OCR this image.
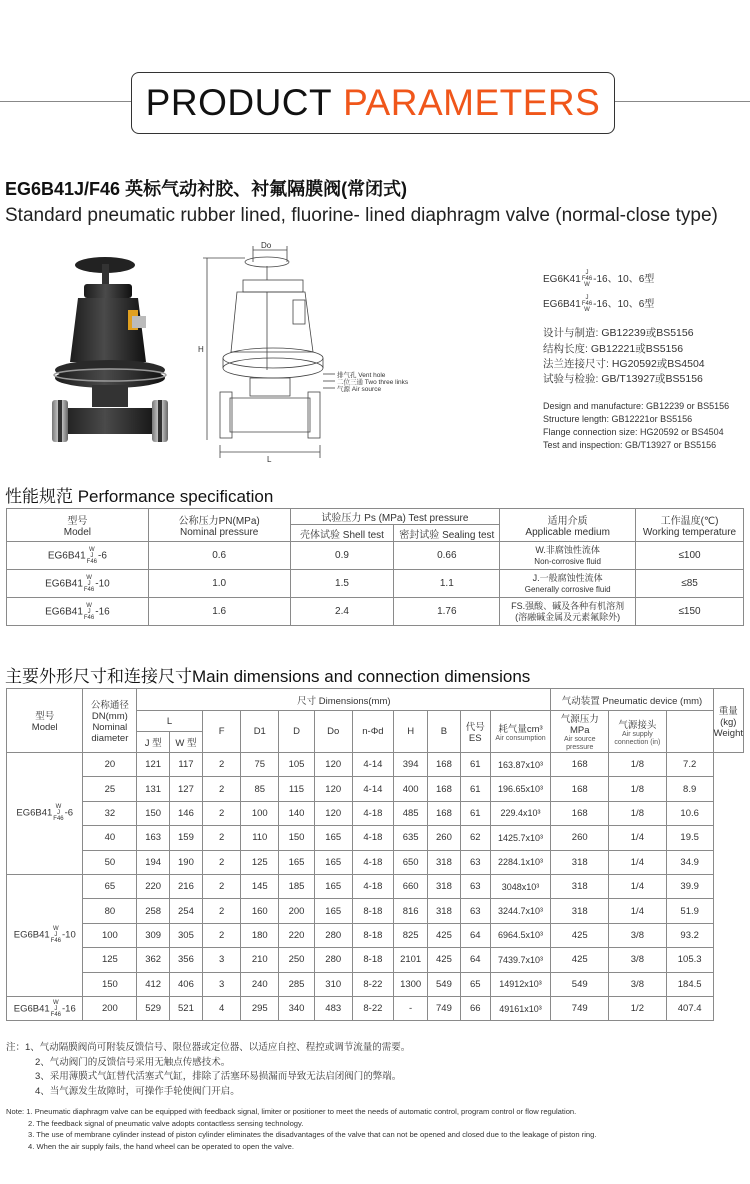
PRODUCT PARAMETERS
EG6B41J/F46 英标气动衬胶、衬氟隔膜阀(常闭式)
Standard pneumatic rubber lined, fluorine- lined diaphragm valve (normal-close type)
Do
H
L
排气孔 Vent hole
二位三通 Two three links
气源 Air source
EG6K41J
F46
W-16、10、6型
EG6B41J
F46
W-16、10、6型
设计与制造: GB12239或BS5156
结构长度: GB12221或BS5156
法兰连接尺寸: HG20592或BS4504
试验与检验: GB/T13927或BS5156
Design and manufacture: GB12239 or BS5156
Structure length: GB12221or BS5156
Flange connection size: HG20592 or BS4504
Test and inspection: GB/T13927 or BS5156
性能规范 Performance specification
型号
Model	公称压力PN(MPa)
Nominal pressure	试验压力 Ps (MPa) Test pressure		适用介质
Applicable medium	工作温度(℃)
Working temperature
		壳体试验 Shell test	密封试验 Sealing test		
EG6B41W
J
F46-6	0.6	0.9	0.66	W.非腐蚀性流体
Non-corrosive fluid	≤100
EG6B41W
J
F46-10	1.0	1.5	1.1	J.一般腐蚀性流体
Generally corrosive fluid	≤85
EG6B41W
J
F46-16	1.6	2.4	1.76	FS.强酸、碱及各种有机溶剂
(溶融碱金属及元素氟除外)	≤150
主要外形尺寸和连接尺寸Main dimensions and connection dimensions
型号
Model	公称通径
DN(mm)
Nominal
diameter	尺寸 Dimensions(mm)											气动装置 Pneumatic device (mm)			重量(kg)
Weight
		L		F	D1	D	Do	n-Φd	H	B	代号
ES	耗气量cm³
Air consumption	气源压力 MPa
Air source pressure	气源接头
Air supply connection (in)		

		J 型	W 型													
EG6B41W
J
F46-6	20	121	117	2	75	105	120	4-14	394	168	61	163.87x10³	168	1/8	7.2	
	25	131	127	2	85	115	120	4-14	400	168	61	196.65x10³	168	1/8	8.9	
	32	150	146	2	100	140	120	4-18	485	168	61	229.4x10³	168	1/8	10.6	
	40	163	159	2	110	150	165	4-18	635	260	62	1425.7x10³	260	1/4	19.5	
	50	194	190	2	125	165	165	4-18	650	318	63	2284.1x10³	318	1/4	34.9	
EG6B41W
J
F46-10	65	220	216	2	145	185	165	4-18	660	318	63	3048x10³	318	1/4	39.9	
	80	258	254	2	160	200	165	8-18	816	318	63	3244.7x10³	318	1/4	51.9	
	100	309	305	2	180	220	280	8-18	825	425	64	6964.5x10³	425	3/8	93.2	
	125	362	356	3	210	250	280	8-18	2101	425	64	7439.7x10³	425	3/8	105.3	
	150	412	406	3	240	285	310	8-22	1300	549	65	14912x10³	549	3/8	184.5	
EG6B41W
J
F46-16	200	529	521	4	295	340	483	8-22	-	749	66	49161x10³	749	1/2	407.4	
注：1、气动隔膜阀尚可附装反馈信号、限位器或定位器、以适应自控、程控或调节流量的需要。
2、气动阀门的反馈信号采用无触点传感技术。
3、采用薄膜式气缸替代活塞式气缸，排除了活塞环易损漏而导致无法启闭阀门的弊端。
4、当气源发生故障时，可操作手轮使阀门开启。
Note: 1. Pneumatic diaphragm valve can be equipped with feedback signal, limiter or positioner to meet the needs of automatic control, program control or flow regulation.
2. The feedback signal of pneumatic valve adopts contactless sensing technology.
3. The use of membrane cylinder instead of piston cylinder eliminates the disadvantages of the valve that can not be opened and closed due to the leakage of piston ring.
4. When the air supply fails, the hand wheel can be operated to open the valve.
